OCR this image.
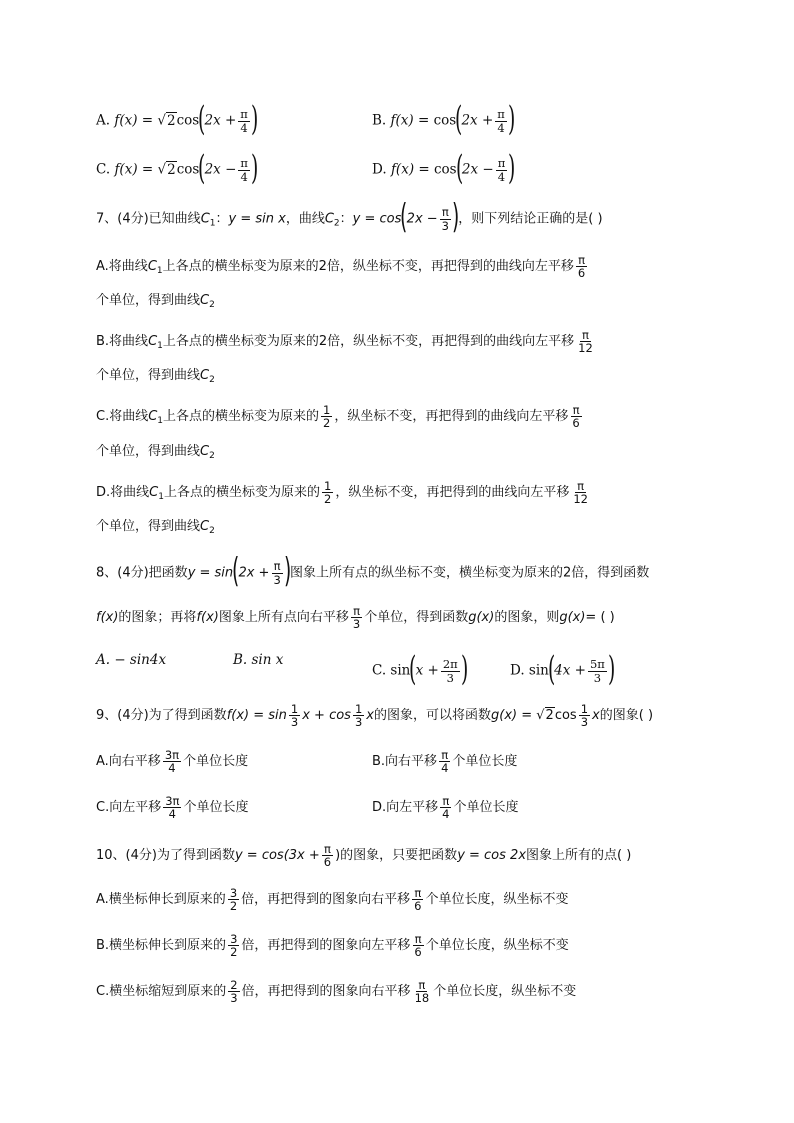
A. $f(x) = √2\cos(2x + \frac{\pi}{4}$ )	B. $f(x) = \cos(2x + \frac{\pi}{4}$ )
C. $f(x) = √2\cos(2x - \frac{\pi}{4}$ )	D. $f(x) = \cos(2x - \frac{\pi}{4}$ )
7、(4分)已知曲线$C_1$：y = sin x，曲线$C_2$：$y = \cos(2x - \frac{\pi}{3}$ )，则下列结论正确的是( )
A.将曲线$C_1$上各点的横坐标变为原来的2倍，纵坐标不变，再把得到的曲线向左平移 $\frac{\pi}{6}$
个单位，得到曲线$C_2$
B.将曲线$C_1$上各点的横坐标变为原来的2倍，纵坐标不变，再把得到的曲线向左平移 $\frac{\pi}{12}$
个单位，得到曲线$C_2$
C.将曲线$C_1$上各点的横坐标变为原来的 $\frac{1}{2}$ ，纵坐标不变，再把得到的曲线向左平移 $\frac{\pi}{6}$
个单位，得到曲线$C_2$
D.将曲线$C_1$上各点的横坐标变为原来的 $\frac{1}{2}$ ，纵坐标不变，再把得到的曲线向左平移 $\frac{\pi}{12}$
个单位，得到曲线$C_2$
8、(4分)把函数$y = \sin(2x + \frac{\pi}{3}$ )图象上所有点的纵坐标不变，横坐标变为原来的2倍，得到函数
f(x)的图象；再将f(x)图象上所有点向右平移 $\frac{\pi}{3}$ 个单位，得到函数g(x)的图象，则g(x)= ( )
A. − sin4x	B. sin x
C. $\sin(x + \frac{2\pi}{3}$ )	D. $\sin(4x + \frac{5\pi}{3}$ )
9、(4分)为了得到函数$f(x) = \sin \frac{1}{3}$ $x + \cos \frac{1}{3}$ x的图象，可以将函数$g(x) = √2\cos \frac{1}{3}$ x的图象( )
A.向右平移 $\frac{3\pi}{4}$ 个单位长度	B.向右平移 $\frac{\pi}{4}$ 个单位长度
C.向左平移 $\frac{3\pi}{4}$ 个单位长度	D.向左平移 $\frac{\pi}{4}$ 个单位长度
10、(4分)为了得到函数$y = \cos(3x + \frac{\pi}{6}$ )的图象，只要把函数y = cos 2x图象上所有的点( )
A.横坐标伸长到原来的 $\frac{3}{2}$ 倍，再把得到的图象向右平移 $\frac{\pi}{6}$ 个单位长度，纵坐标不变
B.横坐标伸长到原来的 $\frac{3}{2}$ 倍，再把得到的图象向左平移 $\frac{\pi}{6}$ 个单位长度，纵坐标不变
C.横坐标缩短到原来的 $\frac{2}{3}$ 倍，再把得到的图象向右平移 $\frac{\pi}{18}$ 个单位长度，纵坐标不变
